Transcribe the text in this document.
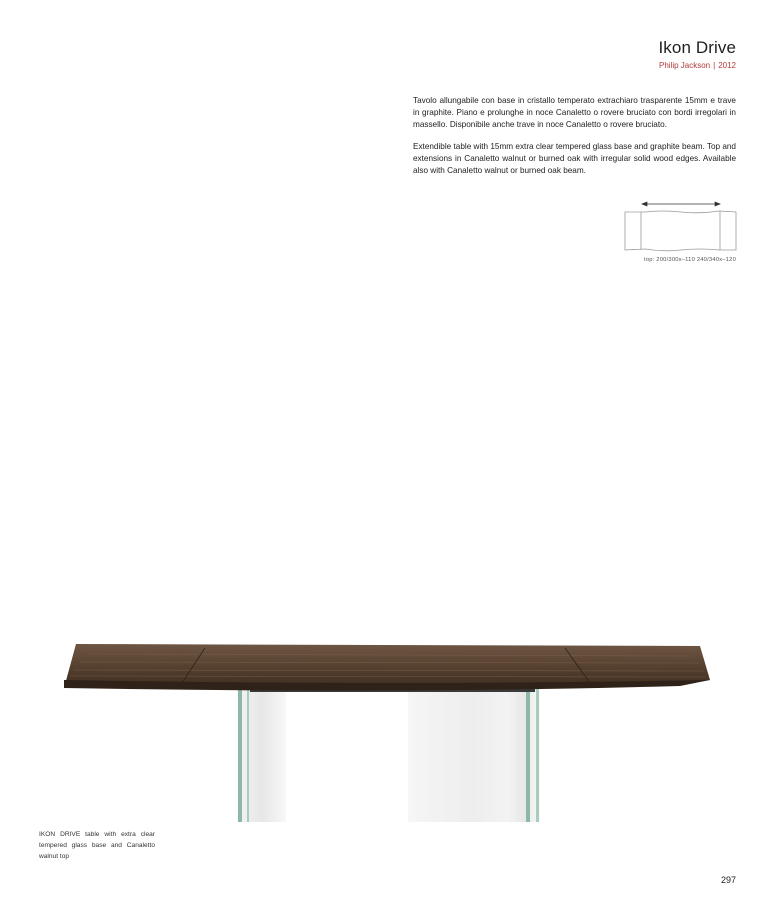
Ikon Drive
Philip Jackson | 2012
Tavolo allungabile con base in cristallo temperato extrachiaro trasparente 15mm e trave in graphite. Piano e prolunghe in noce Canaletto o rovere bruciato con bordi irregolari in massello. Disponibile anche trave in noce Canaletto o rovere bruciato.
Extendible table with 15mm extra clear tempered glass base and graphite beam. Top and extensions in Canaletto walnut or burned oak with irregular solid wood edges. Available also with Canaletto walnut or burned oak beam.
top: 200/300x–110 240/340x–120
IKON DRIVE table with extra clear tempered glass base and Canaletto walnut top
297
